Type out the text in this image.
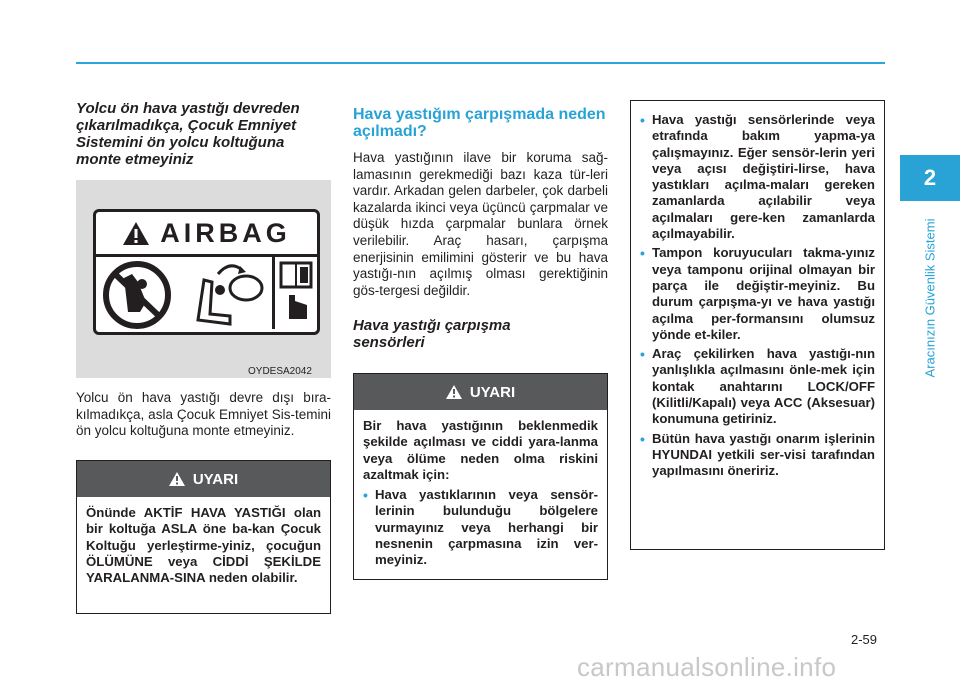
2
Aracınızın Güvenlik Sistemi
Yolcu ön hava yastığı devreden çıkarılmadıkça, Çocuk Emniyet Sistemini ön yolcu koltuğuna monte etmeyiniz
AIRBAG
OYDESA2042

Yolcu ön hava yastığı devre dışı bıra-kılmadıkça, asla Çocuk Emniyet Sis-temini ön yolcu koltuğuna monte etmeyiniz.

UYARI
Önünde AKTİF HAVA YASTIĞI olan bir koltuğa ASLA öne ba-kan Çocuk Koltuğu yerleştirme-yiniz, çocuğun ÖLÜMÜNE veya CİDDİ ŞEKİLDE YARALANMA-SINA neden olabilir.
Hava yastığım çarpışmada neden açılmadı?

Hava yastığının ilave bir koruma sağ-lamasının gerekmediği bazı kaza tür-leri vardır. Arkadan gelen darbeler, çok darbeli kazalarda ikinci veya üçüncü çarpmalar ve düşük hızda çarpmalar bunlara örnek verilebilir. Araç hasarı, çarpışma enerjisinin emilimini gösterir ve bu hava yastığı-nın açılmış olması gerektiğinin gös-tergesi değildir.

Hava yastığı çarpışma sensörleri
UYARI
Bir hava yastığının beklenmedik şekilde açılması ve ciddi yara-lanma veya ölüme neden olma riskini azaltmak için:
• Hava yastıklarının veya sensör-lerinin bulunduğu bölgelere vurmayınız veya herhangi bir nesnenin çarpmasına izin ver-meyiniz.
• Hava yastığı sensörlerinde veya etrafında bakım yapma-ya çalışmayınız. Eğer sensör-lerin yeri veya açısı değiştiri-lirse, hava yastıkları açılma-maları gereken zamanlarda açılabilir veya açılmaları gere-ken zamanlarda açılmayabilir.
• Tampon koruyucuları takma-yınız veya tamponu orijinal olmayan bir parça ile değiştir-meyiniz. Bu durum çarpışma-yı ve hava yastığı açılma per-formansını olumsuz yönde et-kiler.
• Araç çekilirken hava yastığı-nın yanlışlıkla açılmasını önle-mek için kontak anahtarını LOCK/OFF (Kilitli/Kapalı) veya ACC (Aksesuar) konumuna getiriniz.
• Bütün hava yastığı onarım işlerinin HYUNDAI yetkili ser-visi tarafından yapılmasını öneririz.
2-59
carmanualsonline.info
